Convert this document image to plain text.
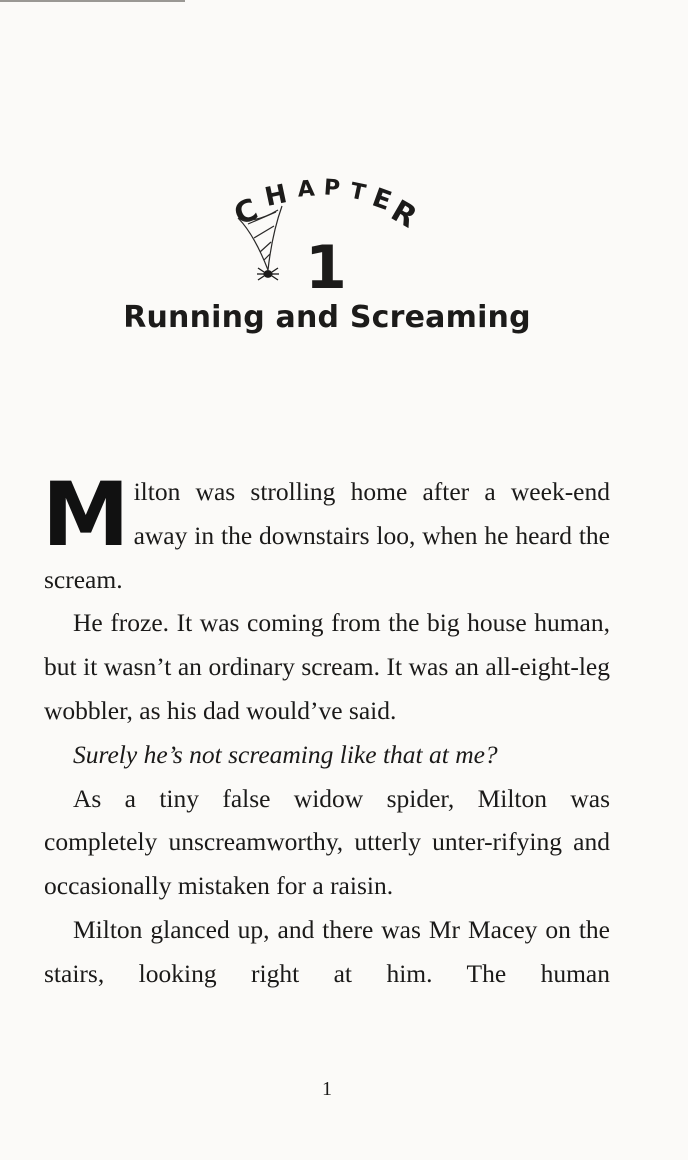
C H A P T E
R
1
Running and Screaming

Milton was strolling home after a week-end away in the downstairs loo, when he heard the scream.

He froze. It was coming from the big house human, but it wasn’t an ordinary scream. It was an all-eight-leg wobbler, as his dad would’ve said.

Surely he’s not screaming like that at me?

As a tiny false widow spider, Milton was completely unscreamworthy, utterly unter-rifying and occasionally mistaken for a raisin.

Milton glanced up, and there was Mr Macey on the stairs, looking right at him. The human

1
